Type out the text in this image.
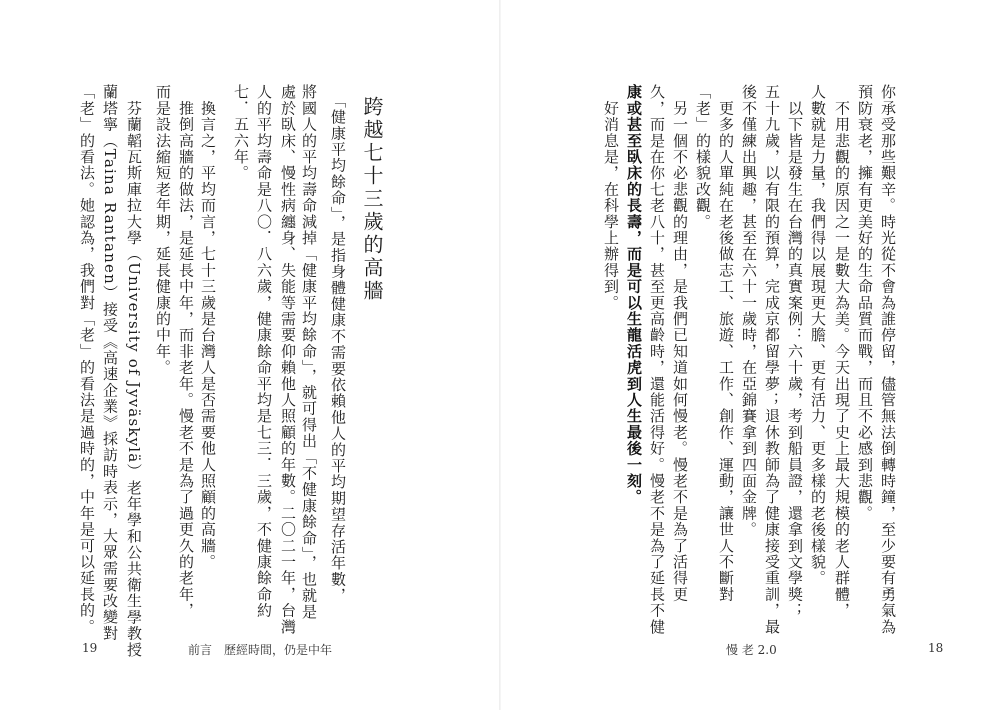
跨越七十三歲的高牆
　「健康平均餘命」，是指身體健康不需要依賴他人的平均期望存活年數，
將國人的平均壽命減掉「健康平均餘命」，就可得出「不健康餘命」，也就是
處於臥床、慢性病纏身、失能等需要仰賴他人照顧的年數。二〇二一年，台灣
人的平均壽命是八〇．八六歲，健康餘命平均是七三．三歲，不健康餘命約
七．五六年。
　換言之，平均而言，七十三歲是台灣人是否需要他人照顧的高牆。
　推倒高牆的做法，是延長中年，而非老年。慢老不是為了過更久的老年，
而是設法縮短老年期，延長健康的中年。
　芬蘭韜瓦斯庫拉大學（University of Jyväskylä）老年學和公共衛生學教授
蘭塔寧（Taina Rantanen）接受《高速企業》採訪時表示，大眾需要改變對
「老」的看法。她認為，我們對「老」的看法是過時的，中年是可以延長的。
19	前言　歷經時間，仍是中年
你承受那些艱辛。時光從不會為誰停留，儘管無法倒轉時鐘，至少要有勇氣為
預防衰老，擁有更美好的生命品質而戰，而且不必感到悲觀。
　不用悲觀的原因之一是數大為美。今天出現了史上最大規模的老人群體，
人數就是力量，我們得以展現更大膽、更有活力、更多樣的老後樣貌。
　以下皆是發生在台灣的真實案例：六十歲，考到船員證，還拿到文學獎；
五十九歲，以有限的預算，完成京都留學夢；退休教師為了健康接受重訓，最
後不僅練出興趣，甚至在六十一歲時，在亞錦賽拿到四面金牌。
　更多的人單純在老後做志工、旅遊、工作、創作、運動，讓世人不斷對
「老」的樣貌改觀。
　另一個不必悲觀的理由，是我們已知道如何慢老。慢老不是為了活得更
久，而是在你七老八十，甚至更高齡時，還能活得好。慢老不是為了延長不健
康或甚至臥床的長壽，而是可以生龍活虎到人生最後一刻。
　好消息是，在科學上辦得到。
慢 老 2.0	18
